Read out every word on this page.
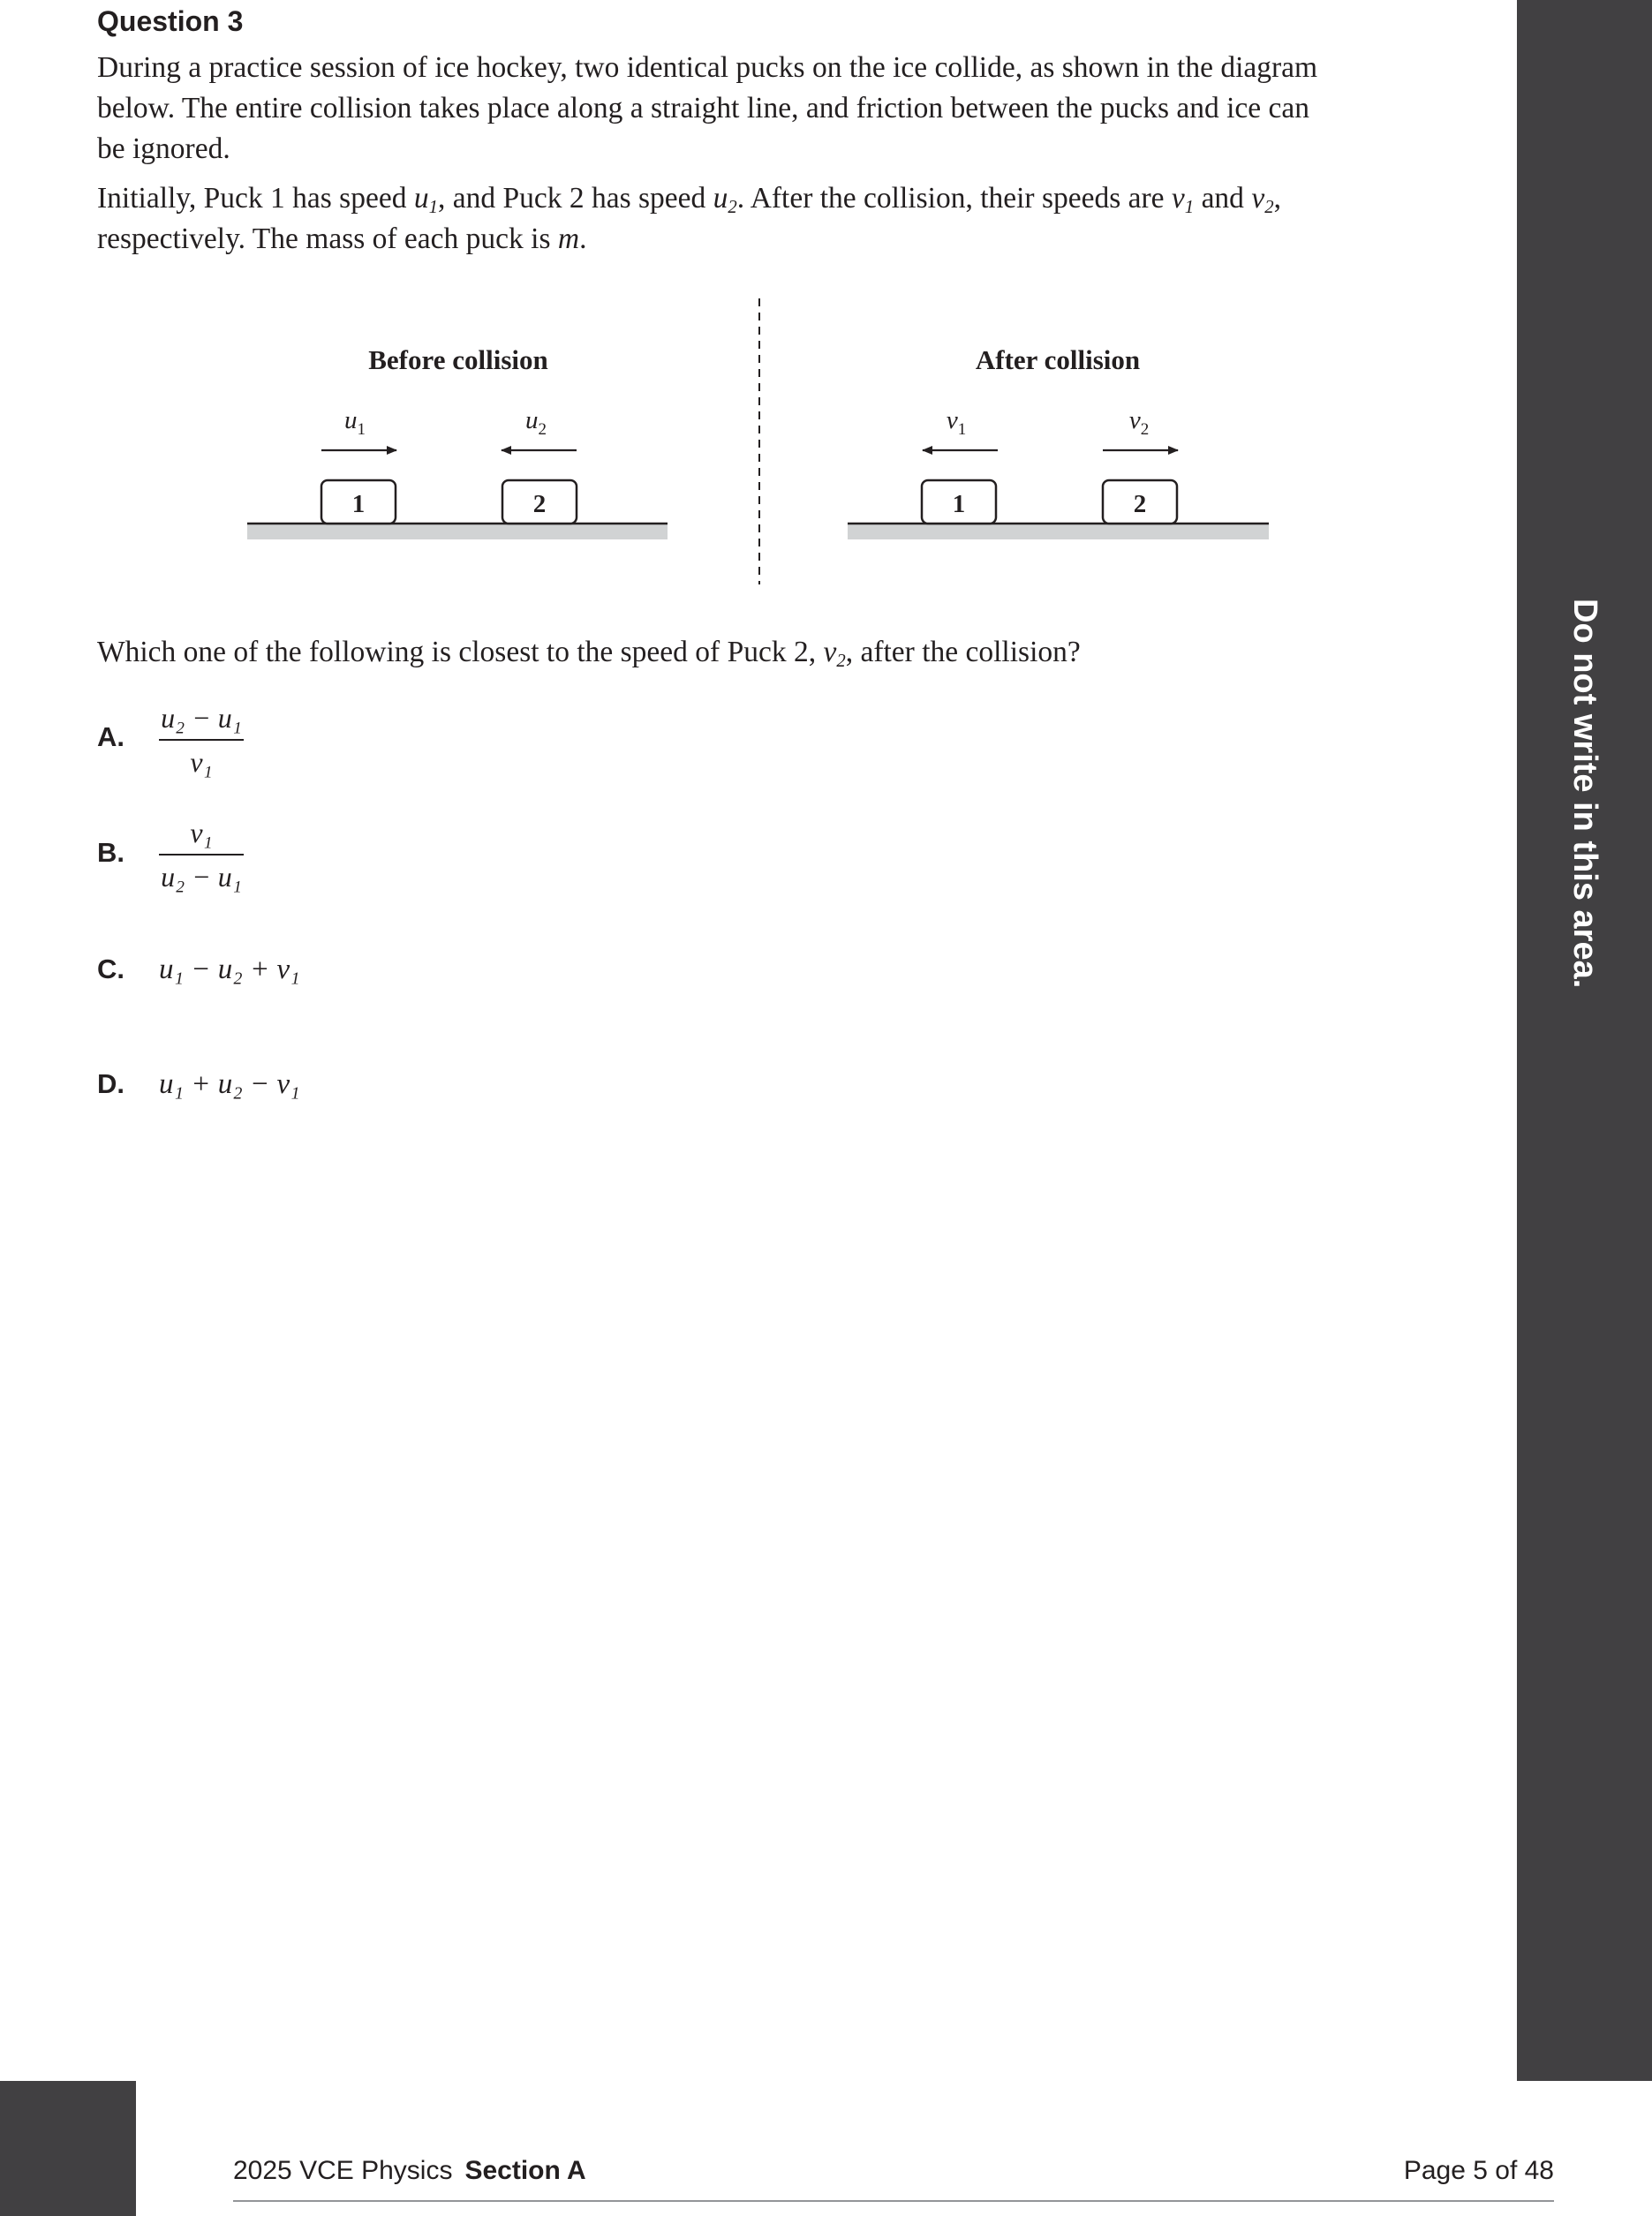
Do not write in this area.
Question 3
During a practice session of ice hockey, two identical pucks on the ice collide, as shown in the diagram
below. The entire collision takes place along a straight line, and friction between the pucks and ice can
be ignored.
Initially, Puck 1 has speed $u_1$, and Puck 2 has speed $u_2$. After the collision, their speeds are $v_1$ and $v_2$,
respectively. The mass of each puck is m.
Before collision	After collision
$u_1$	$u_2$
1	2
$v_1$	$v_2$
1	2
Which one of the following is closest to the speed of Puck 2, $v_2$, after the collision?
A.
u₂ − u₁
v₁
B.
v₁
u₂ − u₁
C. u₁ − u₂ + v₁
D. u₁ + u₂ − v₁
2025 VCE Physics Section A	Page 5 of 48
